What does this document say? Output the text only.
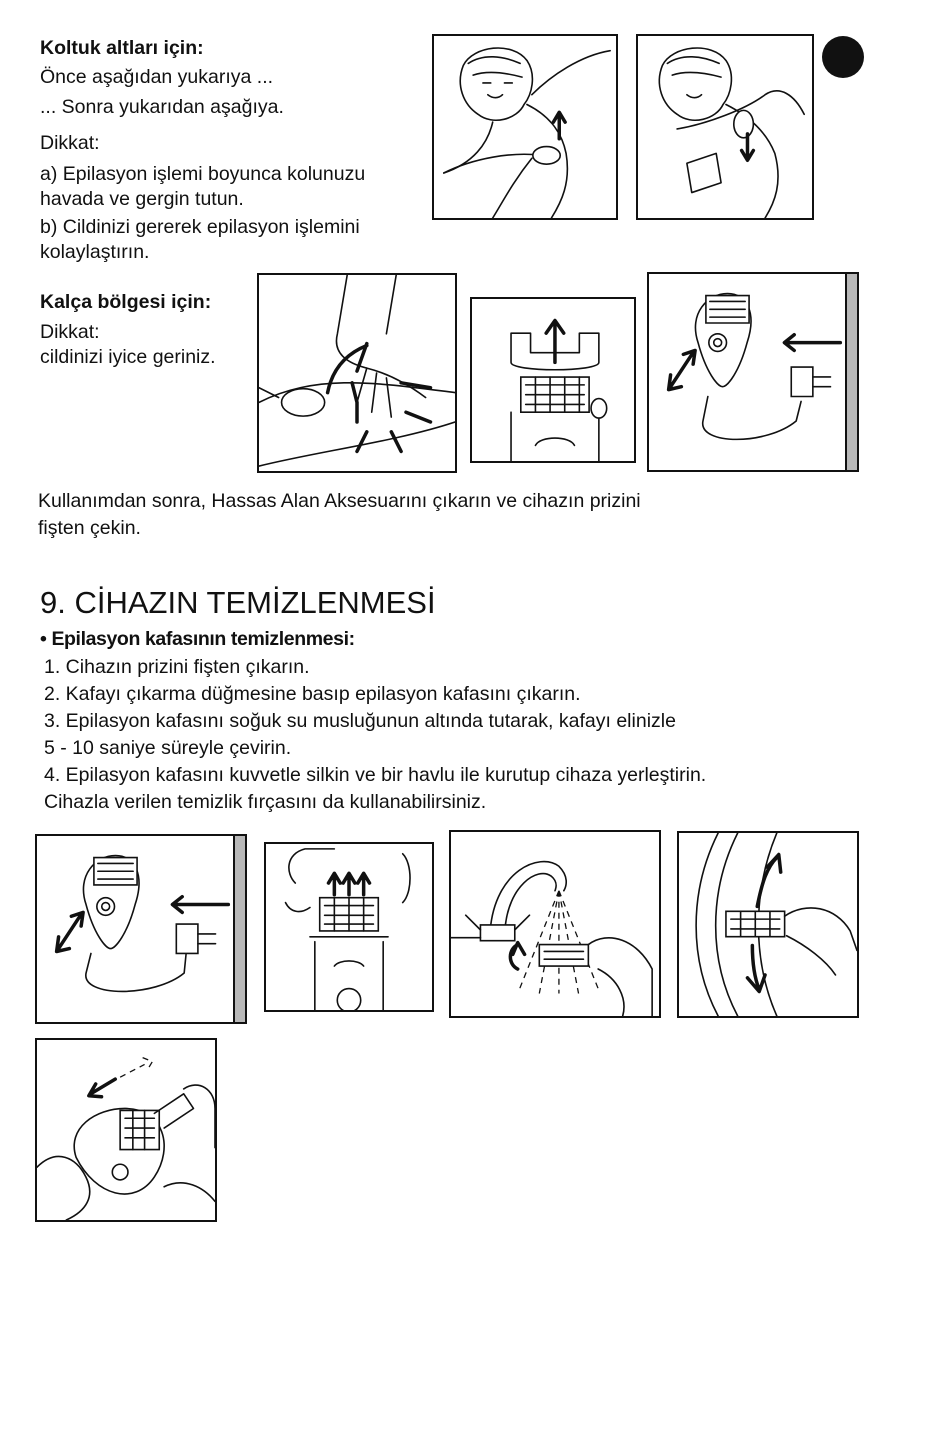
Koltuk altları için:
Önce aşağıdan yukarıya ...
... Sonra yukarıdan aşağıya.
Dikkat:
a) Epilasyon işlemi boyunca kolunuzu
havada ve gergin tutun.
b) Cildinizi gererek epilasyon işlemini
kolaylaştırın.
Kalça bölgesi için:
Dikkat:
cildinizi iyice geriniz.
Kullanımdan sonra, Hassas Alan Aksesuarını çıkarın ve cihazın prizini
fişten çekin.
9. CİHAZIN TEMİZLENMESİ
• Epilasyon kafasının temizlenmesi:
1. Cihazın prizini fişten çıkarın.
2. Kafayı çıkarma düğmesine basıp epilasyon kafasını çıkarın.
3. Epilasyon kafasını soğuk su musluğunun altında tutarak, kafayı elinizle
5 - 10 saniye süreyle çevirin.
4. Epilasyon kafasını kuvvetle silkin ve bir havlu ile kurutup cihaza yerleştirin.
Cihazla verilen temizlik fırçasını da kullanabilirsiniz.
